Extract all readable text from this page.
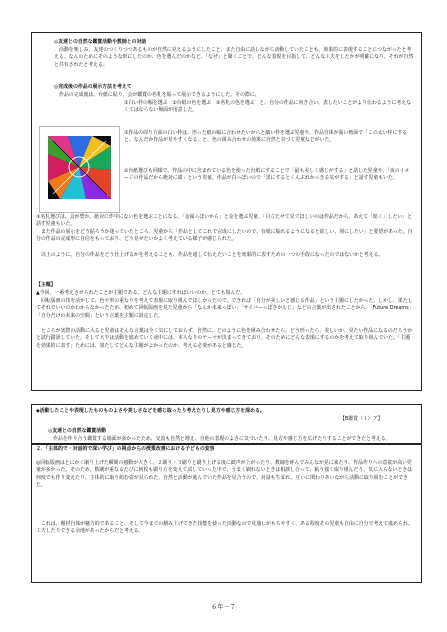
◎友達との自然な鑑賞活動や教師との対話

活動を楽しみ、友達のつくりつつあるものが自然に見えるようにしたこと、また自由に話しながら活動していたことも、効果的に表現することにつながったと考える。なんのためにそのような形にしたのか、色を選んだのかなど、「なぜ」と聞くことで、どんな表現を目指して、どんな工夫をしたかが明確になり、それが自然と共有されたと考える。

◎完成後の作品の展示方法を考えて

作品の完成後は、台紙に貼り、会が鑑賞の名札を貼って展示できるようにした。その際に、

①白い枠の幅を選ぶ　②台紙の色を選ぶ　③名札の色を選ぶ　と、自分の作品に向き合い、表したいことがより伝わるように考えなくてはならない場面が用意した。

①作品の周り方面の白い枠は、形った紙の幅に合わせたいからと細い枠を選ぶ児童や、作品自体が面い画面で「この太い枠にすると、なんだか作品が見やすくなる」と、色の組み合わせの効果に自然と気づく児童などがいた。

②台紙選びも同様で、作品の中に含まれている色を使った台紙にすることで「最も美しく感じがする」と話した児童や、「夜のイメージの作品だから絶対に紺」という児童、作品が白っぽいので「黒にするとくんぶれかっきる気がする」と話す児童もいた。

③名札選びは、会が豊か、絶対に作中にない色を選ぶことになる。「金属っぽいから」と金を選ぶ児童、「目立たせて見てほしいのは作品だから、あえて「暗く」したい」と話す児童もいた。

また作品の展示をどう貼ろうか迷っていたところ、児童から「作品としてこれで完成にしたいので、台紙に貼れるようになると欲しい。別にしたい」と要望があった。自分の作品の完成形に自信をもっており、どう見せたいかよく考えている様子が感じられた。

以上のように、自分の作品をどう仕上げるかを考えることも、作品を通して伝えたいことを効果的に表すための一つの手段になったのではないかと考える。

【主題】

▲今回、一番考えさせられたことが主題である。どんな主題にすればいいのか、とても悩んだ。

回転版画の技を活かして、色や形の重なりを考えて表現に取り組んでほしかったので、できれば「自分が美しいと感じる作品」という主題にしたかった。しかし、果たしてそれでいいのかわからなかったため、初めて回転版画を見た児童から「なんか未来っぽい」「サイバーっぽさかんじ」などの言葉が出されたことから、「Future Dreams」「自分だけの未来の空間」という言葉を主題に設定した。

ところが実際の活動に入ると児童はそんな言葉は全く気にしておらず、自然に、どのように色を組み合わせたら、どう形ったら、美しいか、見たい作品になるのだろうかと試行錯誤していた。そして大半は活動を進めていく途中には、本人なりのテーマが決まってきており、そのためにどんな表現にするのかを考えて取り組んでいた。「主題を効果的に表す」ためには、果たしてどんな主題がよかったのか、考える必要があると感じた。

◆活動したことや表現したものものよさや美しさなどを感じ取ったり考えたりし見方や感じ方を深める。

【B鑑賞（１）ア】

◎友達との自然な鑑賞活動

作品を作り合う鑑賞する場面が多かったため、交流も自然と増え、自他の表現のよさに気づいたり、見方や感じ方を広げたりすることができたと考える。

２．「主体的で・対話的で深い学び」の視点からの授業改善における子どもの変容

◎回転版画はとにかく刷り上げた瞬間の感動が大きく、２刷り・３刷りと刷り上げる度に歓声が上がったり、教師を呼んでみんなが見に来たり、作品作りへの意欲が高い児童が多かった。そのため、数刷が重なるたびに何枚も刷り方を変えて試していった中で、うまく刷れないときは相談し合って、粘り強く取り組んだり、気に入らないときは何度でも作り変えたり、主体的に取り組む姿が見られた。自然と活動が進んでいた作品を見合うので、対話も生まれ、互いに関わりあいながら活動に取り組むことができた。

これは、題材自体が魅力的であること、そして今までの積み上げてきた技能を使った活動なので見通しがもちやすく、ある程度その児童も自由に自分で考えて進められ、工夫したりできる余地があったからだと考える。

６年－７
